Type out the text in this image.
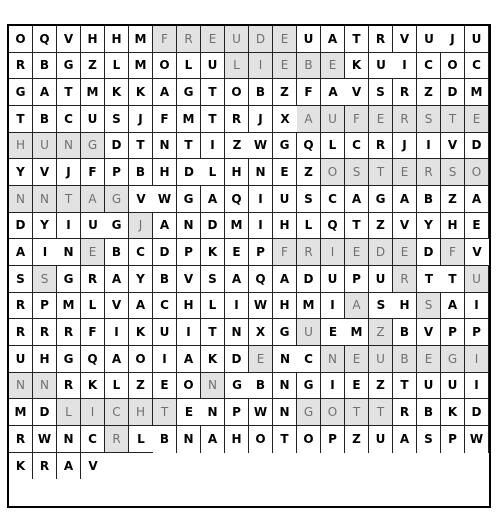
O	Q	V	H	H	M	F	R	E	U	D	E	U	A	T	R	V	U	J	U
R	B	G	Z	L	M	O	L	U	L	I	E	B	E	K	U	I	C	O	C
G	A	T	M	K	K	A	G	T	O	B	Z	F	A	V	S	R	Z	D	M
T	B	C	U	S	J	F	M	T	R	J	X	A	U	F	E	R	S	T	E
H	U	N	G	D	T	N	T	I	Z	W	G	Q	L	C	R	J	I	V	D
Y	V	J	F	P	B	H	D	L	H	N	E	Z	O	S	T	E	R	S	O
N	N	T	A	G	V	W	G	A	Q	I	U	S	C	A	G	A	B	Z	A
D	Y	I	U	G	J	A	N	D	M	I	H	L	Q	T	Z	V	Y	H	E
A	I	N	E	B	C	D	P	K	E	P	F	R	I	E	D	E	D	F	V
S	S	G	R	A	Y	B	V	S	A	Q	A	D	U	P	U	R	T	T	U
R	P	M	L	V	A	C	H	L	I	W	H	M	I	A	S	H	S	A	I
R	R	R	F	I	K	U	I	T	N	X	G	U	E	M	Z	B	V	P	P
U	H	G	Q	A	O	I	A	K	D	E	N	C	N	E	U	B	E	G	I
N	N	R	K	L	Z	E	O	N	G	B	N	G	I	E	Z	T	U	U	I
M	D	L	I	C	H	T	E	N	P	W	N	G	O	T	T	R	B	K	D
R	W	N	C	R	L	B	N	A	H	O	T	O	P	Z	U	A	S	P	W
K	R	A	V
